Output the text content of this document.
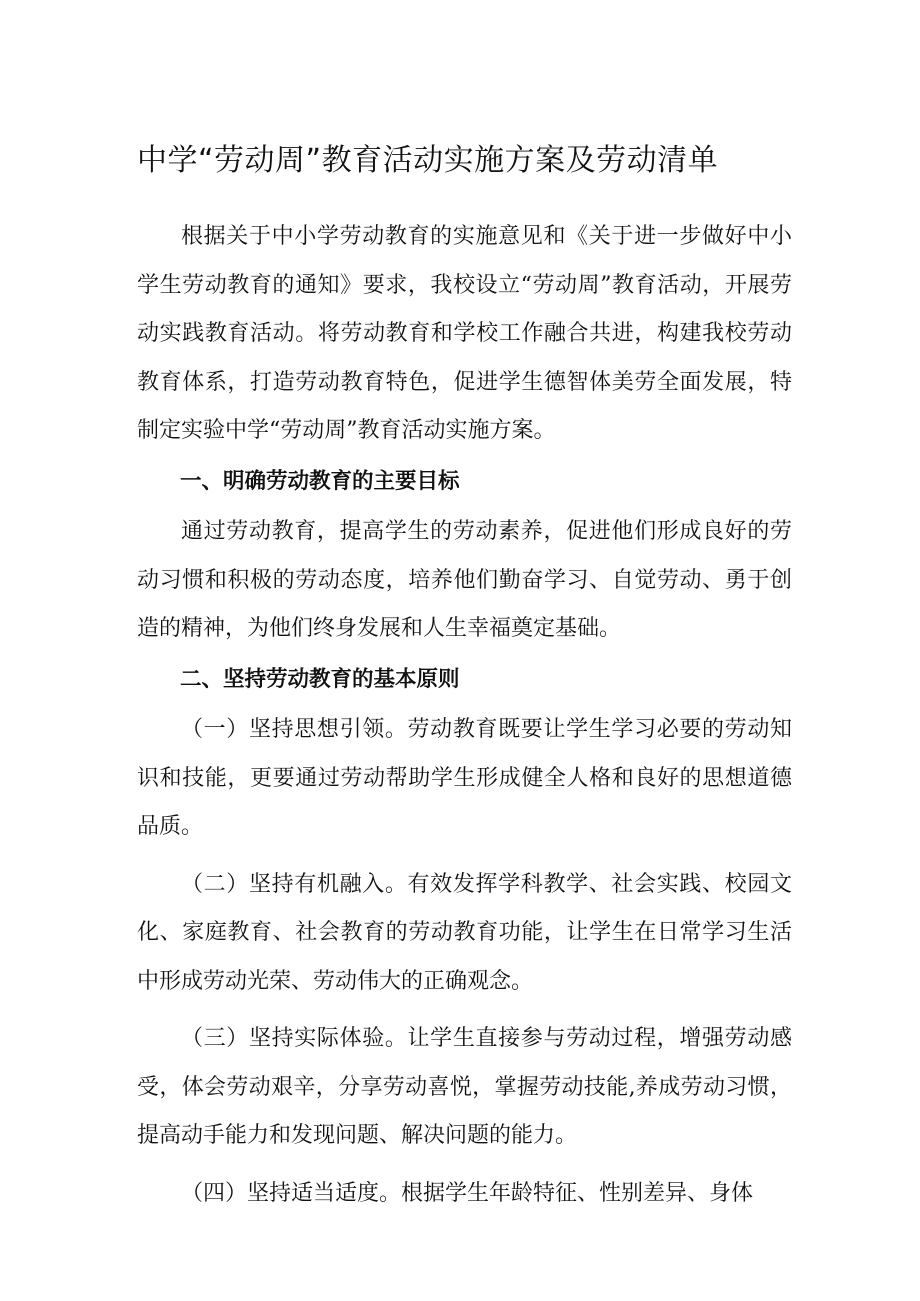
中学“劳动周”教育活动实施方案及劳动清单

根据关于中小学劳动教育的实施意见和《关于进一步做好中小学生劳动教育的通知》要求，我校设立“劳动周”教育活动，开展劳动实践教育活动。将劳动教育和学校工作融合共进，构建我校劳动教育体系，打造劳动教育特色，促进学生德智体美劳全面发展，特制定实验中学“劳动周”教育活动实施方案。

一、明确劳动教育的主要目标

通过劳动教育，提高学生的劳动素养，促进他们形成良好的劳动习惯和积极的劳动态度，培养他们勤奋学习、自觉劳动、勇于创造的精神，为他们终身发展和人生幸福奠定基础。

二、坚持劳动教育的基本原则

（一）坚持思想引领。劳动教育既要让学生学习必要的劳动知识和技能，更要通过劳动帮助学生形成健全人格和良好的思想道德品质。

（二）坚持有机融入。有效发挥学科教学、社会实践、校园文化、家庭教育、社会教育的劳动教育功能，让学生在日常学习生活中形成劳动光荣、劳动伟大的正确观念。

（三）坚持实际体验。让学生直接参与劳动过程，增强劳动感受，体会劳动艰辛，分享劳动喜悦，掌握劳动技能,养成劳动习惯，提高动手能力和发现问题、解决问题的能力。

（四）坚持适当适度。根据学生年龄特征、性别差异、身体
